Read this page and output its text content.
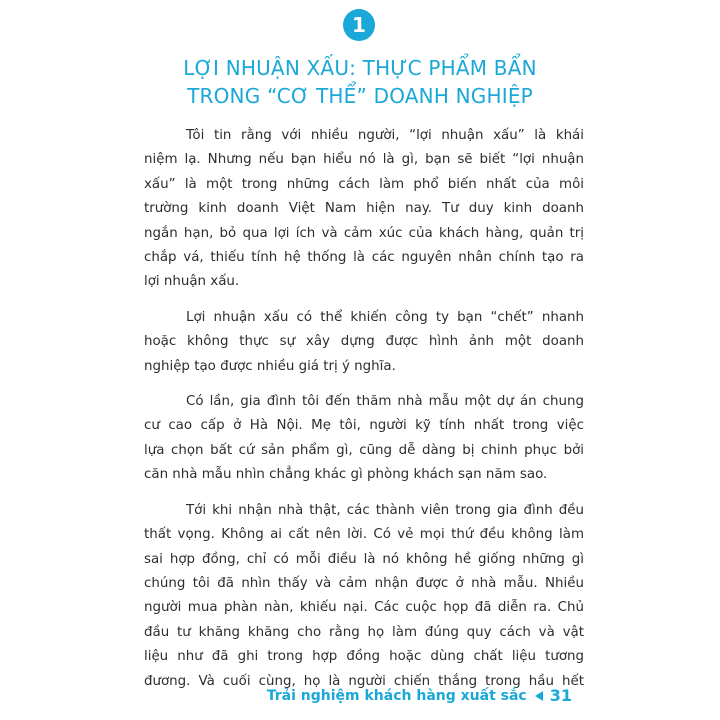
1
LỢI NHUẬN XẤU: THỰC PHẨM BẨN
TRONG “CƠ THỂ” DOANH NGHIỆP
Tôi tin rằng với nhiều người, “lợi nhuận xấu” là khái
niệm lạ. Nhưng nếu bạn hiểu nó là gì, bạn sẽ biết “lợi nhuận
xấu” là một trong những cách làm phổ biến nhất của môi
trường kinh doanh Việt Nam hiện nay. Tư duy kinh doanh
ngắn hạn, bỏ qua lợi ích và cảm xúc của khách hàng, quản trị
chắp vá, thiếu tính hệ thống là các nguyên nhân chính tạo ra
lợi nhuận xấu.
Lợi nhuận xấu có thể khiến công ty bạn “chết” nhanh
hoặc không thực sự xây dựng được hình ảnh một doanh
nghiệp tạo được nhiều giá trị ý nghĩa.
Có lần, gia đình tôi đến thăm nhà mẫu một dự án chung
cư cao cấp ở Hà Nội. Mẹ tôi, người kỹ tính nhất trong việc
lựa chọn bất cứ sản phẩm gì, cũng dễ dàng bị chinh phục bởi
căn nhà mẫu nhìn chẳng khác gì phòng khách sạn năm sao.
Tới khi nhận nhà thật, các thành viên trong gia đình đều
thất vọng. Không ai cất nên lời. Có vẻ mọi thứ đều không làm
sai hợp đồng, chỉ có mỗi điều là nó không hề giống những gì
chúng tôi đã nhìn thấy và cảm nhận được ở nhà mẫu. Nhiều
người mua phàn nàn, khiếu nại. Các cuộc họp đã diễn ra. Chủ
đầu tư khăng khăng cho rằng họ làm đúng quy cách và vật
liệu như đã ghi trong hợp đồng hoặc dùng chất liệu tương
đương. Và cuối cùng, họ là người chiến thắng trong hầu hết
Trải nghiệm khách hàng xuất sắc 31
